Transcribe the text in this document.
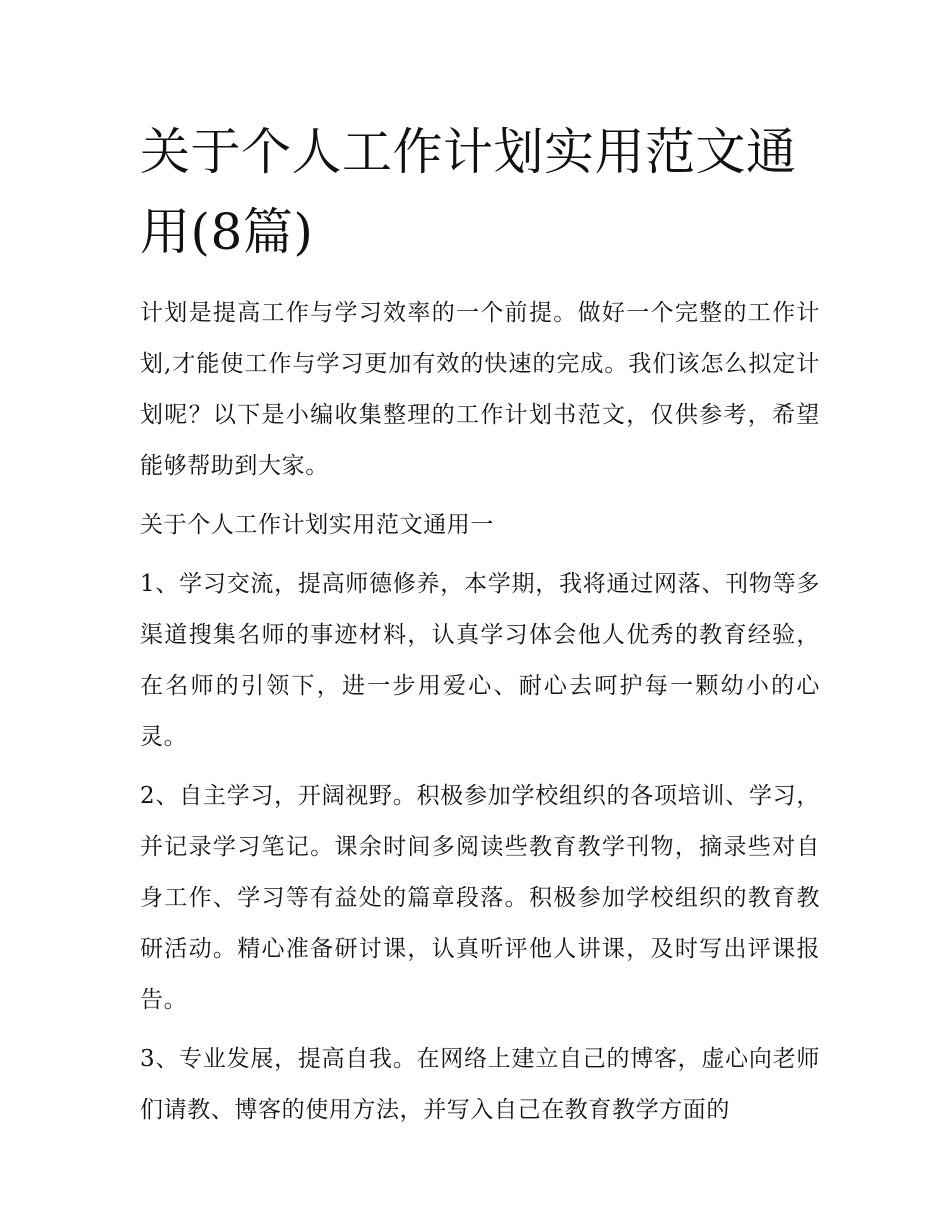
关于个人工作计划实用范文通用(8篇)

计划是提高工作与学习效率的一个前提。做好一个完整的工作计划,才能使工作与学习更加有效的快速的完成。我们该怎么拟定计划呢？以下是小编收集整理的工作计划书范文，仅供参考，希望能够帮助到大家。

关于个人工作计划实用范文通用一

1、学习交流，提高师德修养，本学期，我将通过网落、刊物等多渠道搜集名师的事迹材料，认真学习体会他人优秀的教育经验，在名师的引领下，进一步用爱心、耐心去呵护每一颗幼小的心灵。

2、自主学习，开阔视野。积极参加学校组织的各项培训、学习，并记录学习笔记。课余时间多阅读些教育教学刊物，摘录些对自身工作、学习等有益处的篇章段落。积极参加学校组织的教育教研活动。精心准备研讨课，认真听评他人讲课，及时写出评课报告。

3、专业发展，提高自我。在网络上建立自己的博客，虚心向老师们请教、博客的使用方法，并写入自己在教育教学方面的
